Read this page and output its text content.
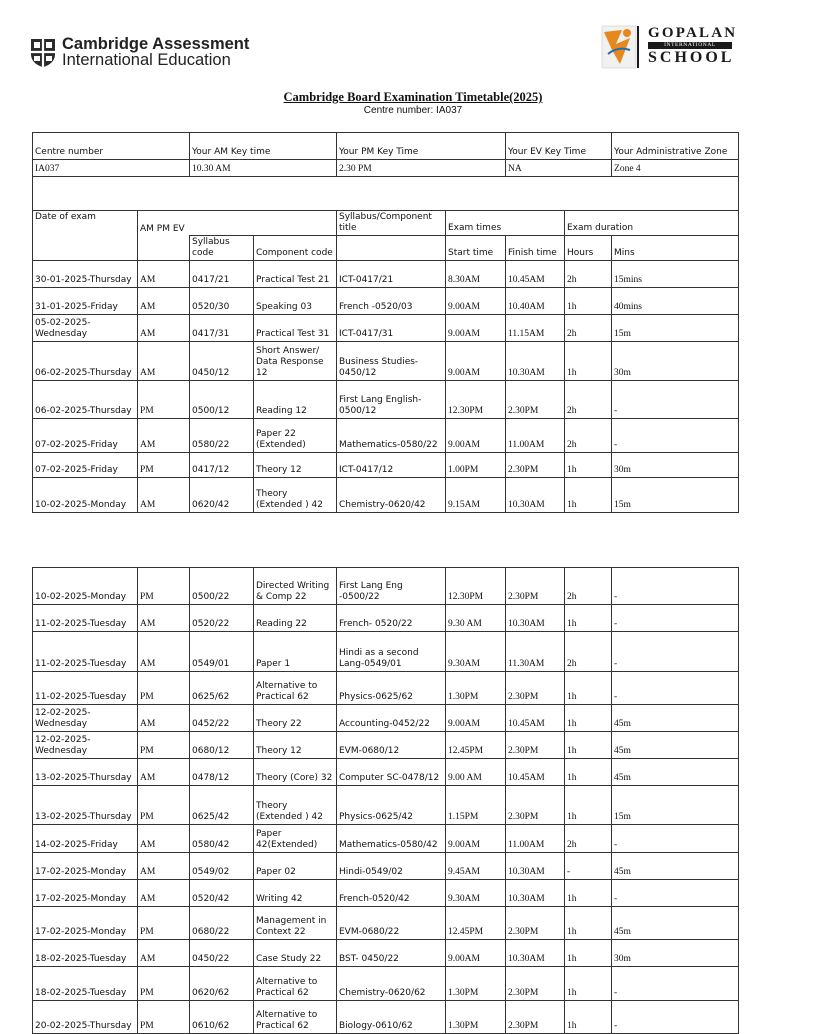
Cambridge Assessment
International Education
GOPALAN
INTERNATIONAL
SCHOOL
Cambridge Board Examination Timetable(2025)
Centre number: IA037
Centre number		Your AM Key time		Your PM Key Time		Your EV Key Time		Your Administrative Zone
IA037		10.30 AM		2.30 PM		NA		Zone 4

Date of exam	AM PM EV			Syllabus/Component title	Exam times		Exam duration	
		Syllabus code	Component code		Start time	Finish time	Hours	Mins
30-01-2025-Thursday	AM	0417/21	Practical Test 21	ICT-0417/21	8.30AM	10.45AM	2h	15mins
31-01-2025-Friday	AM	0520/30	Speaking 03	French -0520/03	9.00AM	10.40AM	1h	40mins
05-02-2025-Wednesday	AM	0417/31	Practical Test 31	ICT-0417/31	9.00AM	11.15AM	2h	15m
06-02-2025-Thursday	AM	0450/12	Short Answer/ Data Response 12	Business Studies-0450/12	9.00AM	10.30AM	1h	30m
06-02-2025-Thursday	PM	0500/12	Reading 12	First Lang English-0500/12	12.30PM	2.30PM	2h	-
07-02-2025-Friday	AM	0580/22	Paper 22 (Extended)	Mathematics-0580/22	9.00AM	11.00AM	2h	-
07-02-2025-Friday	PM	0417/12	Theory 12	ICT-0417/12	1.00PM	2.30PM	1h	30m
10-02-2025-Monday	AM	0620/42	Theory (Extended ) 42	Chemistry-0620/42	9.15AM	10.30AM	1h	15m
10-02-2025-Monday	PM	0500/22	Directed Writing & Comp 22	First Lang Eng -0500/22	12.30PM	2.30PM	2h	-
11-02-2025-Tuesday	AM	0520/22	Reading 22	French- 0520/22	9.30 AM	10.30AM	1h	-
11-02-2025-Tuesday	AM	0549/01	Paper 1	Hindi as a second Lang-0549/01	9.30AM	11.30AM	2h	-
11-02-2025-Tuesday	PM	0625/62	Alternative to Practical 62	Physics-0625/62	1.30PM	2.30PM	1h	-
12-02-2025-Wednesday	AM	0452/22	Theory 22	Accounting-0452/22	9.00AM	10.45AM	1h	45m
12-02-2025-Wednesday	PM	0680/12	Theory 12	EVM-0680/12	12.45PM	2.30PM	1h	45m
13-02-2025-Thursday	AM	0478/12	Theory (Core) 32	Computer SC-0478/12	9.00 AM	10.45AM	1h	45m
13-02-2025-Thursday	PM	0625/42	Theory (Extended ) 42	Physics-0625/42	1.15PM	2.30PM	1h	15m
14-02-2025-Friday	AM	0580/42	Paper 42(Extended)	Mathematics-0580/42	9.00AM	11.00AM	2h	-
17-02-2025-Monday	AM	0549/02	Paper 02	Hindi-0549/02	9.45AM	10.30AM	-	45m
17-02-2025-Monday	AM	0520/42	Writing 42	French-0520/42	9.30AM	10.30AM	1h	-
17-02-2025-Monday	PM	0680/22	Management in Context 22	EVM-0680/22	12.45PM	2.30PM	1h	45m
18-02-2025-Tuesday	AM	0450/22	Case Study 22	BST- 0450/22	9.00AM	10.30AM	1h	30m
18-02-2025-Tuesday	PM	0620/62	Alternative to Practical 62	Chemistry-0620/62	1.30PM	2.30PM	1h	-
20-02-2025-Thursday	PM	0610/62	Alternative to Practical 62	Biology-0610/62	1.30PM	2.30PM	1h	-
